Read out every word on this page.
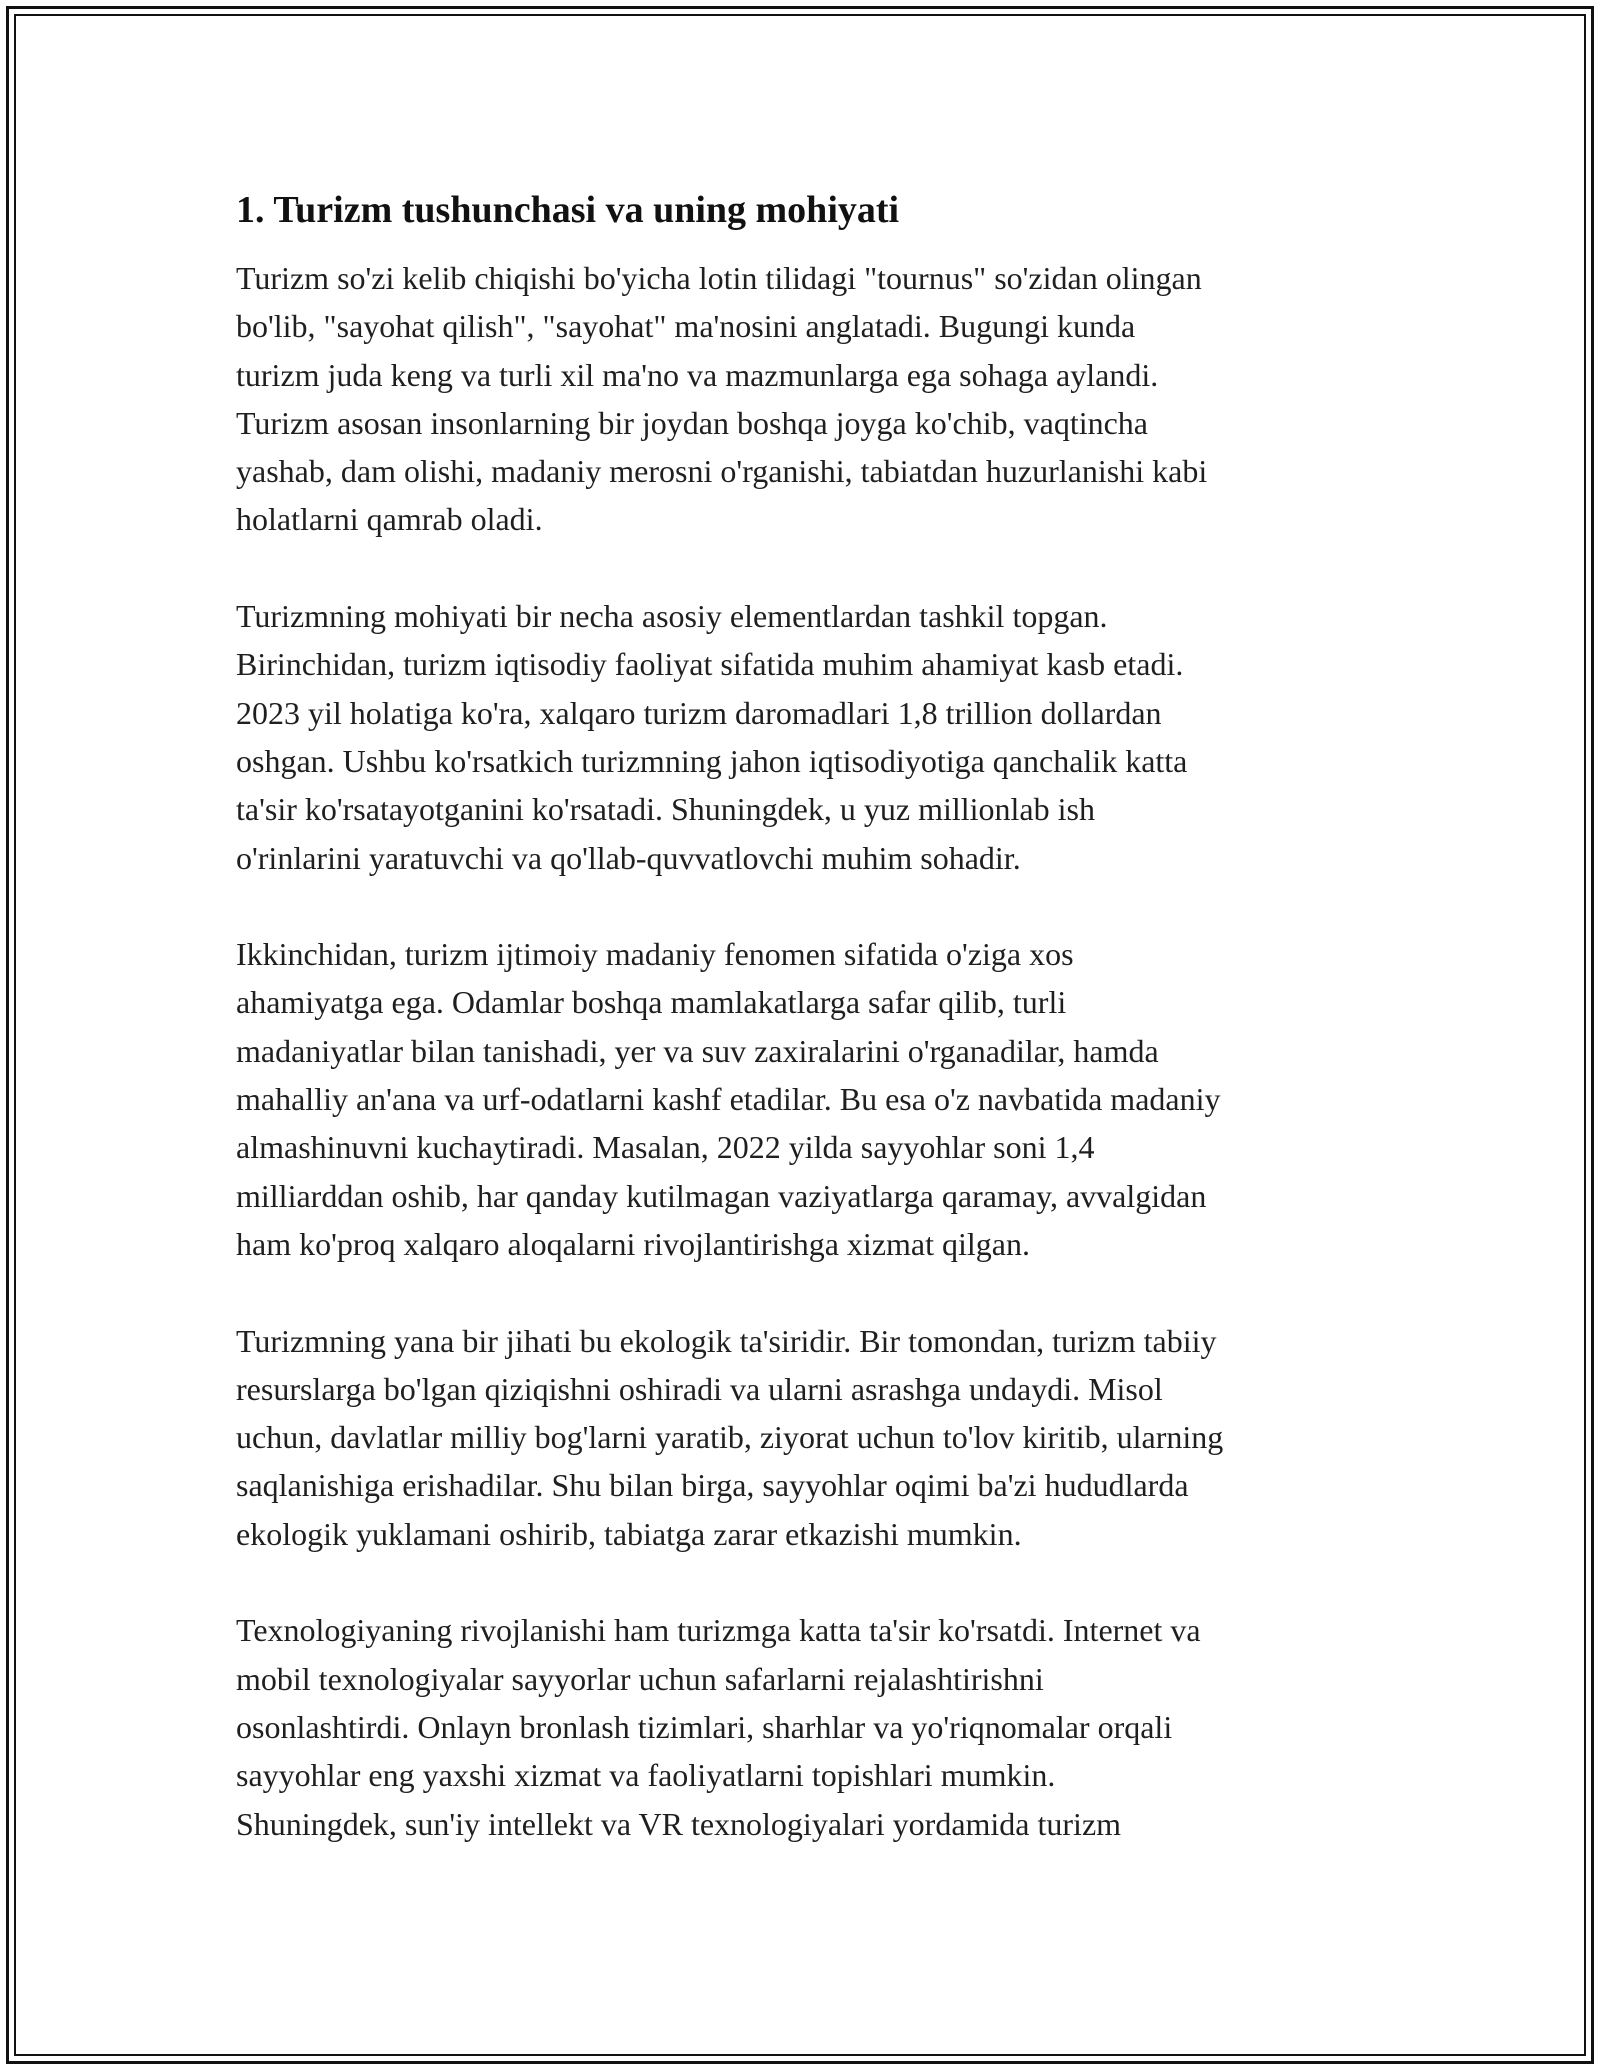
1. Turizm tushunchasi va uning mohiyati

Turizm so'zi kelib chiqishi bo'yicha lotin tilidagi "tournus" so'zidan olingan
bo'lib, "sayohat qilish", "sayohat" ma'nosini anglatadi. Bugungi kunda
turizm juda keng va turli xil ma'no va mazmunlarga ega sohaga aylandi.
Turizm asosan insonlarning bir joydan boshqa joyga ko'chib, vaqtincha
yashab, dam olishi, madaniy merosni o'rganishi, tabiatdan huzurlanishi kabi
holatlarni qamrab oladi.

Turizmning mohiyati bir necha asosiy elementlardan tashkil topgan.
Birinchidan, turizm iqtisodiy faoliyat sifatida muhim ahamiyat kasb etadi.
2023 yil holatiga ko'ra, xalqaro turizm daromadlari 1,8 trillion dollardan
oshgan. Ushbu ko'rsatkich turizmning jahon iqtisodiyotiga qanchalik katta
ta'sir ko'rsatayotganini ko'rsatadi. Shuningdek, u yuz millionlab ish
o'rinlarini yaratuvchi va qo'llab-quvvatlovchi muhim sohadir.

Ikkinchidan, turizm ijtimoiy madaniy fenomen sifatida o'ziga xos
ahamiyatga ega. Odamlar boshqa mamlakatlarga safar qilib, turli
madaniyatlar bilan tanishadi, yer va suv zaxiralarini o'rganadilar, hamda
mahalliy an'ana va urf-odatlarni kashf etadilar. Bu esa o'z navbatida madaniy
almashinuvni kuchaytiradi. Masalan, 2022 yilda sayyohlar soni 1,4
milliarddan oshib, har qanday kutilmagan vaziyatlarga qaramay, avvalgidan
ham ko'proq xalqaro aloqalarni rivojlantirishga xizmat qilgan.

Turizmning yana bir jihati bu ekologik ta'siridir. Bir tomondan, turizm tabiiy
resurslarga bo'lgan qiziqishni oshiradi va ularni asrashga undaydi. Misol
uchun, davlatlar milliy bog'larni yaratib, ziyorat uchun to'lov kiritib, ularning
saqlanishiga erishadilar. Shu bilan birga, sayyohlar oqimi ba'zi hududlarda
ekologik yuklamani oshirib, tabiatga zarar etkazishi mumkin.

Texnologiyaning rivojlanishi ham turizmga katta ta'sir ko'rsatdi. Internet va
mobil texnologiyalar sayyorlar uchun safarlarni rejalashtirishni
osonlashtirdi. Onlayn bronlash tizimlari, sharhlar va yo'riqnomalar orqali
sayyohlar eng yaxshi xizmat va faoliyatlarni topishlari mumkin.
Shuningdek, sun'iy intellekt va VR texnologiyalari yordamida turizm
